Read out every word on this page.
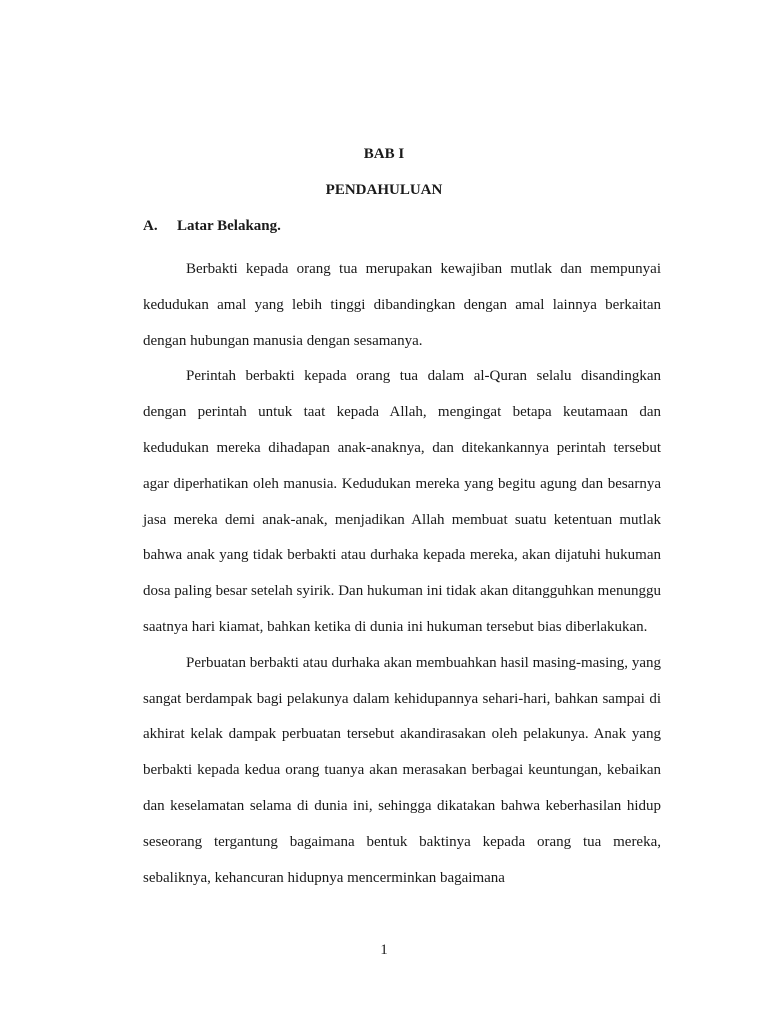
BAB I
PENDAHULUAN
A. Latar Belakang.

Berbakti kepada orang tua merupakan kewajiban mutlak dan mempunyai kedudukan amal yang lebih tinggi dibandingkan dengan amal lainnya berkaitan dengan hubungan manusia dengan sesamanya.

Perintah berbakti kepada orang tua dalam al-Quran selalu disandingkan dengan perintah untuk taat kepada Allah, mengingat betapa keutamaan dan kedudukan mereka dihadapan anak-anaknya, dan ditekankannya perintah tersebut agar diperhatikan oleh manusia. Kedudukan mereka yang begitu agung dan besarnya jasa mereka demi anak-anak, menjadikan Allah membuat suatu ketentuan mutlak bahwa anak yang tidak berbakti atau durhaka kepada mereka, akan dijatuhi hukuman dosa paling besar setelah syirik. Dan hukuman ini tidak akan ditangguhkan menunggu saatnya hari kiamat, bahkan ketika di dunia ini hukuman tersebut bias diberlakukan.

Perbuatan berbakti atau durhaka akan membuahkan hasil masing-masing, yang sangat berdampak bagi pelakunya dalam kehidupannya sehari-hari, bahkan sampai di akhirat kelak dampak perbuatan tersebut akandirasakan oleh pelakunya. Anak yang berbakti kepada kedua orang tuanya akan merasakan berbagai keuntungan, kebaikan dan keselamatan selama di dunia ini, sehingga dikatakan bahwa keberhasilan hidup seseorang tergantung bagaimana bentuk baktinya kepada orang tua mereka, sebaliknya, kehancuran hidupnya mencerminkan bagaimana

1
